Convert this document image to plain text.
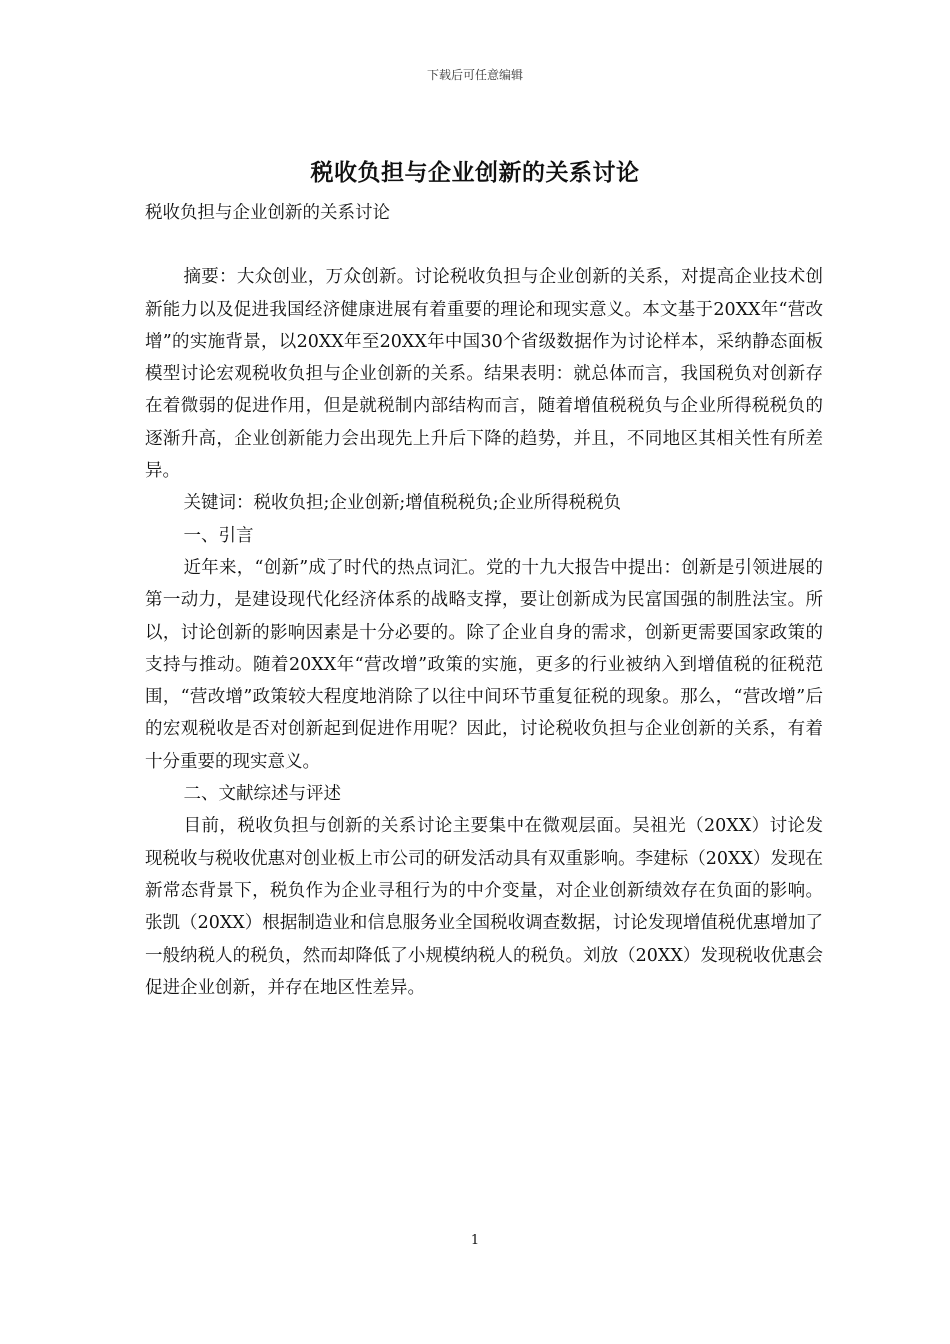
下载后可任意编辑
税收负担与企业创新的关系讨论

税收负担与企业创新的关系讨论

摘要：大众创业，万众创新。讨论税收负担与企业创新的关系，对提高企业技术创新能力以及促进我国经济健康进展有着重要的理论和现实意义。本文基于20XX年“营改增”的实施背景，以20XX年至20XX年中国30个省级数据作为讨论样本，采纳静态面板模型讨论宏观税收负担与企业创新的关系。结果表明：就总体而言，我国税负对创新存在着微弱的促进作用，但是就税制内部结构而言，随着增值税税负与企业所得税税负的逐渐升高，企业创新能力会出现先上升后下降的趋势，并且，不同地区其相关性有所差异。

关键词：税收负担;企业创新;增值税税负;企业所得税税负

一、引言

近年来，“创新”成了时代的热点词汇。党的十九大报告中提出：创新是引领进展的第一动力，是建设现代化经济体系的战略支撑，要让创新成为民富国强的制胜法宝。所以，讨论创新的影响因素是十分必要的。除了企业自身的需求，创新更需要国家政策的支持与推动。随着20XX年“营改增”政策的实施，更多的行业被纳入到增值税的征税范围，“营改增”政策较大程度地消除了以往中间环节重复征税的现象。那么，“营改增”后的宏观税收是否对创新起到促进作用呢？因此，讨论税收负担与企业创新的关系，有着十分重要的现实意义。

二、文献综述与评述

目前，税收负担与创新的关系讨论主要集中在微观层面。吴祖光（20XX）讨论发现税收与税收优惠对创业板上市公司的研发活动具有双重影响。李建标（20XX）发现在新常态背景下，税负作为企业寻租行为的中介变量，对企业创新绩效存在负面的影响。张凯（20XX）根据制造业和信息服务业全国税收调查数据，讨论发现增值税优惠增加了一般纳税人的税负，然而却降低了小规模纳税人的税负。刘放（20XX）发现税收优惠会促进企业创新，并存在地区性差异。

1
